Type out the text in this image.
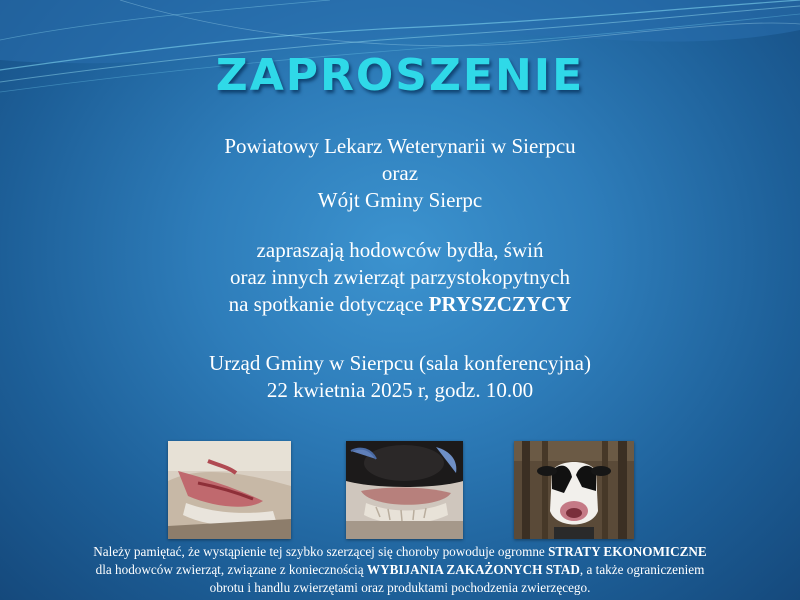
ZAPROSZENIE
Powiatowy Lekarz Weterynarii w Sierpcu
oraz
Wójt Gminy Sierpc
zapraszają hodowców bydła, świń
oraz innych zwierząt parzystokopytnych
na spotkanie dotyczące PRYSZCZYCY
Urząd Gminy w Sierpcu (sala konferencyjna)
22 kwietnia 2025 r, godz. 10.00
Należy pamiętać, że wystąpienie tej szybko szerzącej się choroby powoduje ogromne STRATY EKONOMICZNE
dla hodowców zwierząt, związane z koniecznością WYBIJANIA ZAKAŻONYCH STAD, a także ograniczeniem
obrotu i handlu zwierzętami oraz produktami pochodzenia zwierzęcego.
